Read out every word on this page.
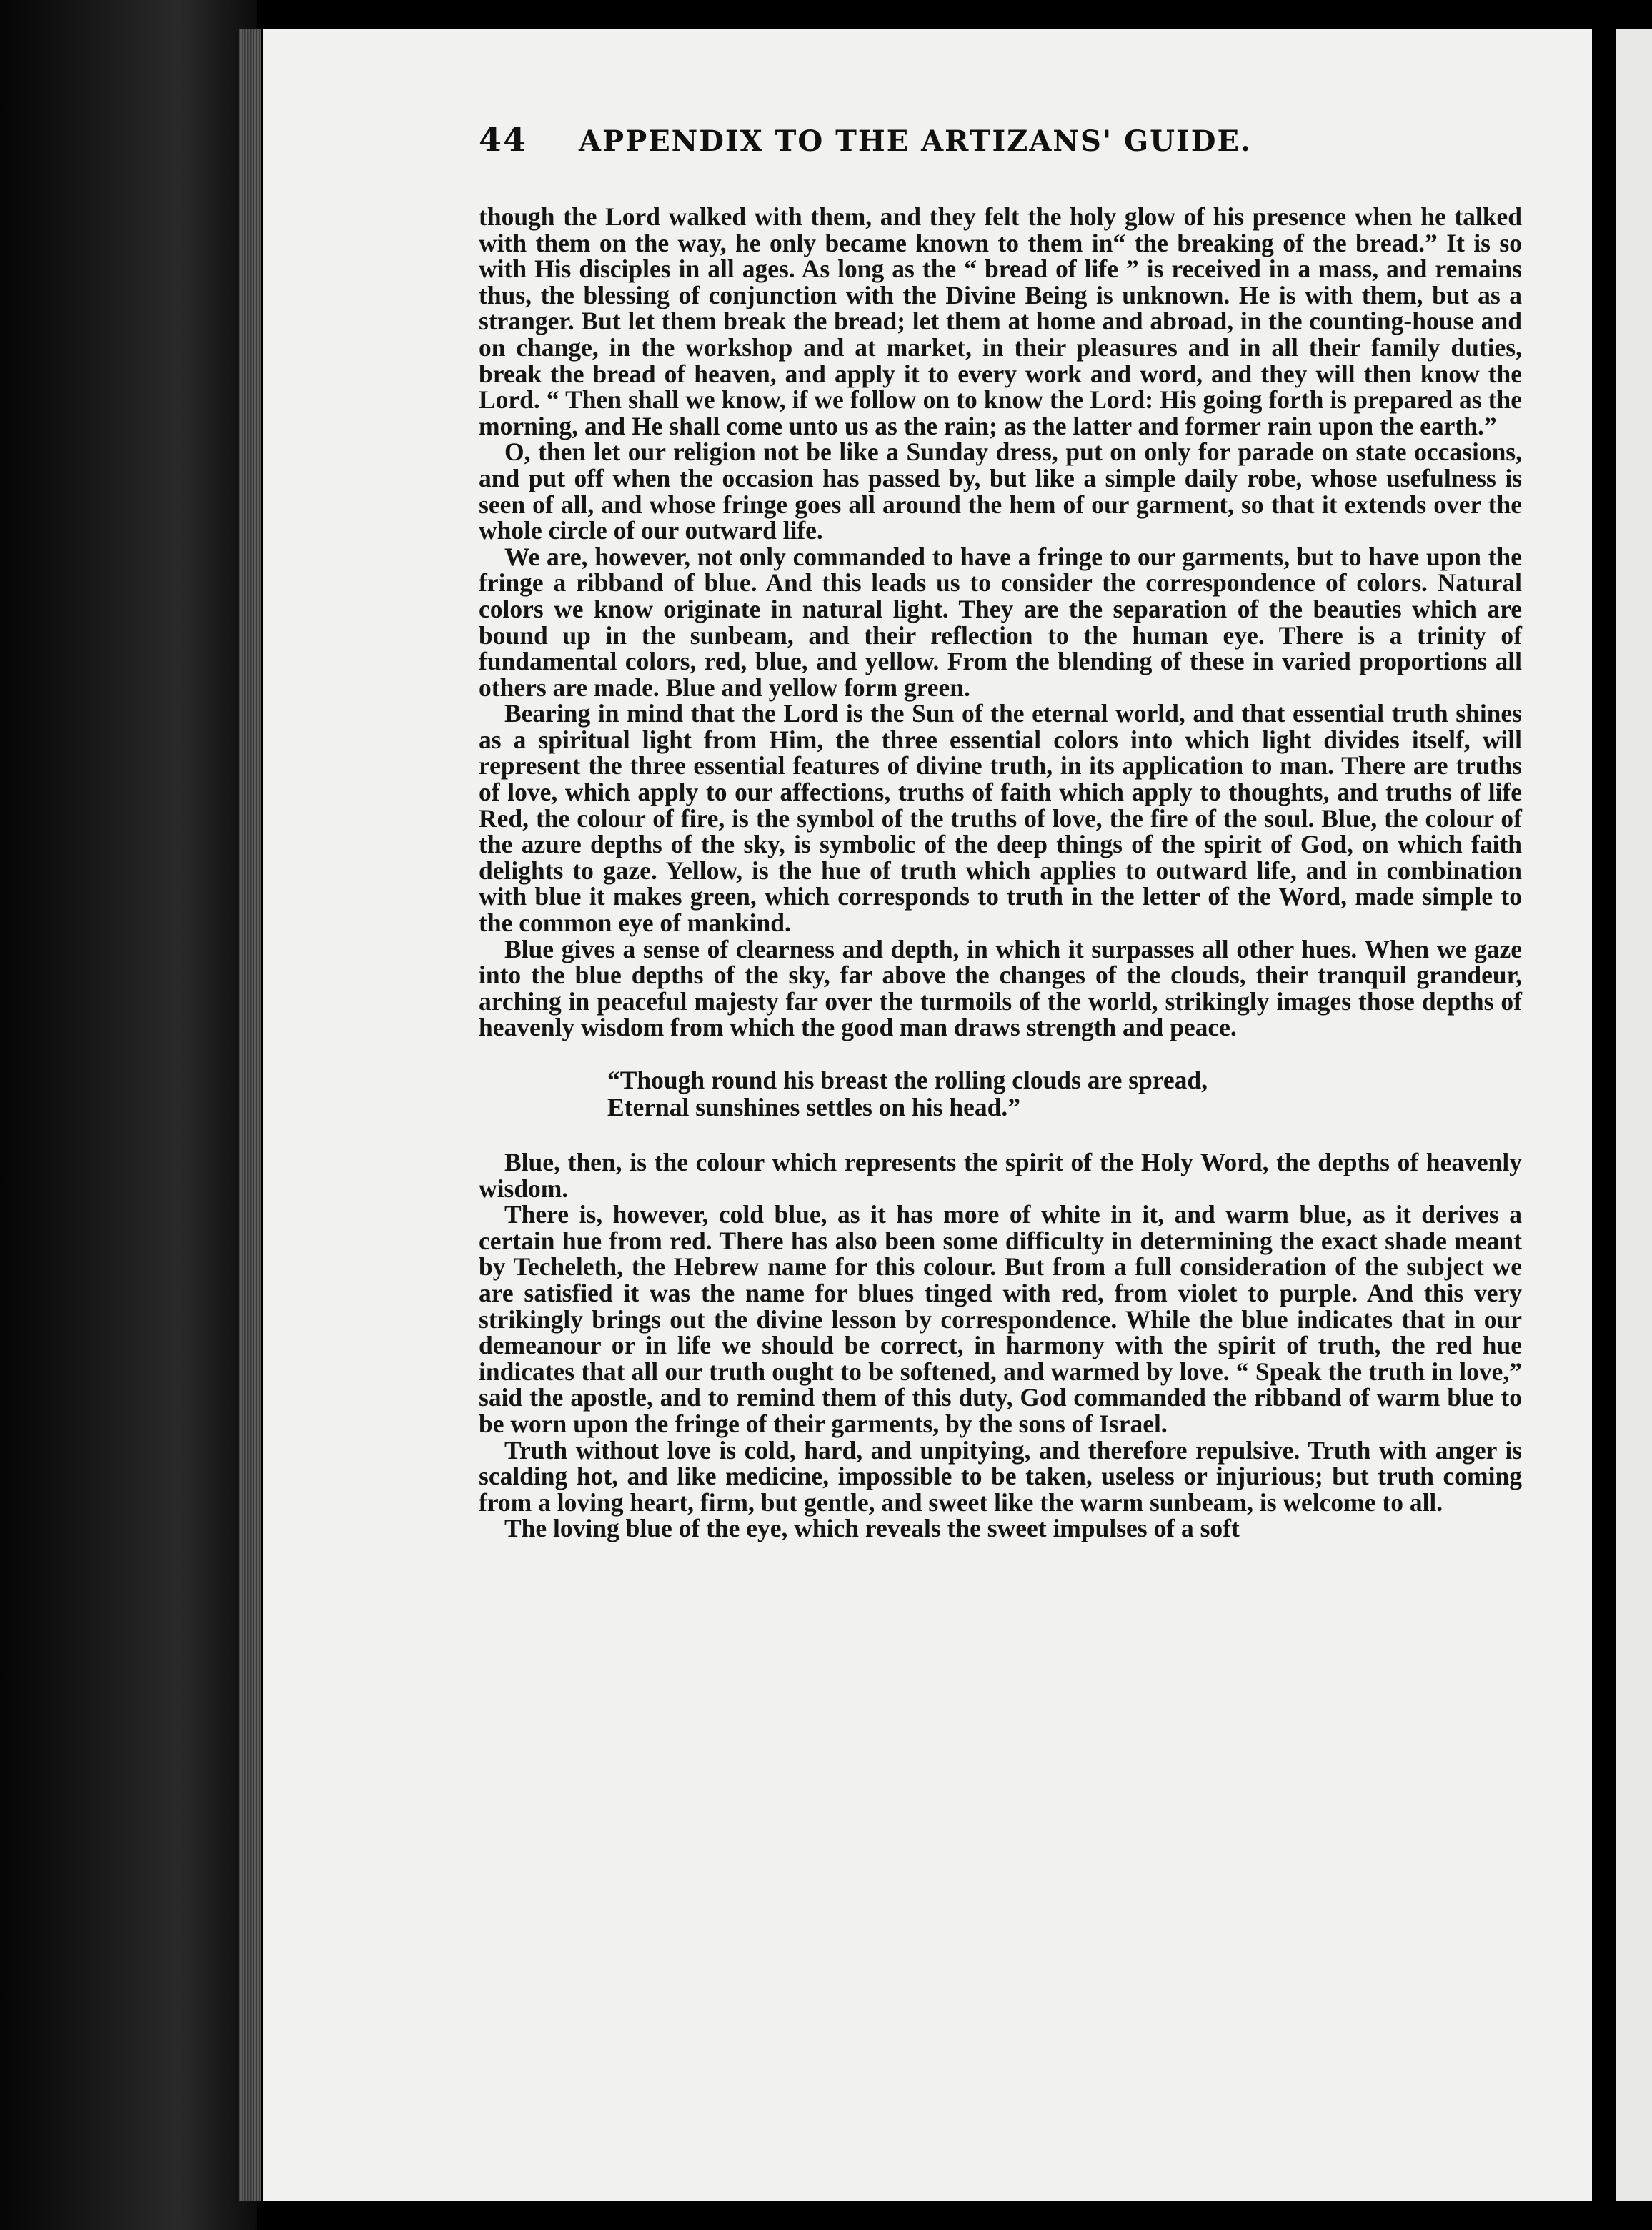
44 APPENDIX TO THE ARTIZANS' GUIDE.

though the Lord walked with them, and they felt the holy glow of his presence when he talked with them on the way, he only became known to them in“ the breaking of the bread.” It is so with His disciples in all ages. As long as the “ bread of life ” is received in a mass, and remains thus, the blessing of conjunction with the Divine Being is unknown. He is with them, but as a stranger. But let them break the bread; let them at home and abroad, in the counting-house and on change, in the workshop and at market, in their pleasures and in all their family duties, break the bread of heaven, and apply it to every work and word, and they will then know the Lord. “ Then shall we know, if we follow on to know the Lord: His going forth is prepared as the morning, and He shall come unto us as the rain; as the latter and former rain upon the earth.”

O, then let our religion not be like a Sunday dress, put on only for parade on state occasions, and put off when the occasion has passed by, but like a simple daily robe, whose usefulness is seen of all, and whose fringe goes all around the hem of our garment, so that it extends over the whole circle of our outward life.

We are, however, not only commanded to have a fringe to our garments, but to have upon the fringe a ribband of blue. And this leads us to consider the correspondence of colors. Natural colors we know originate in natural light. They are the separation of the beauties which are bound up in the sunbeam, and their reflection to the human eye. There is a trinity of fundamental colors, red, blue, and yellow. From the blending of these in varied proportions all others are made. Blue and yellow form green.

Bearing in mind that the Lord is the Sun of the eternal world, and that essential truth shines as a spiritual light from Him, the three essential colors into which light divides itself, will represent the three essential features of divine truth, in its application to man. There are truths of love, which apply to our affections, truths of faith which apply to thoughts, and truths of life Red, the colour of fire, is the symbol of the truths of love, the fire of the soul. Blue, the colour of the azure depths of the sky, is symbolic of the deep things of the spirit of God, on which faith delights to gaze. Yellow, is the hue of truth which applies to outward life, and in combination with blue it makes green, which corresponds to truth in the letter of the Word, made simple to the common eye of mankind.

Blue gives a sense of clearness and depth, in which it surpasses all other hues. When we gaze into the blue depths of the sky, far above the changes of the clouds, their tranquil grandeur, arching in peaceful majesty far over the turmoils of the world, strikingly images those depths of heavenly wisdom from which the good man draws strength and peace.

“Though round his breast the rolling clouds are spread,
Eternal sunshines settles on his head.”

Blue, then, is the colour which represents the spirit of the Holy Word, the depths of heavenly wisdom.

There is, however, cold blue, as it has more of white in it, and warm blue, as it derives a certain hue from red. There has also been some difficulty in determining the exact shade meant by Techeleth, the Hebrew name for this colour. But from a full consideration of the subject we are satisfied it was the name for blues tinged with red, from violet to purple. And this very strikingly brings out the divine lesson by correspondence. While the blue indicates that in our demeanour or in life we should be correct, in harmony with the spirit of truth, the red hue indicates that all our truth ought to be softened, and warmed by love. “ Speak the truth in love,” said the apostle, and to remind them of this duty, God commanded the ribband of warm blue to be worn upon the fringe of their garments, by the sons of Israel.

Truth without love is cold, hard, and unpitying, and therefore repulsive. Truth with anger is scalding hot, and like medicine, impossible to be taken, useless or injurious; but truth coming from a loving heart, firm, but gentle, and sweet like the warm sunbeam, is welcome to all.

The loving blue of the eye, which reveals the sweet impulses of a soft
